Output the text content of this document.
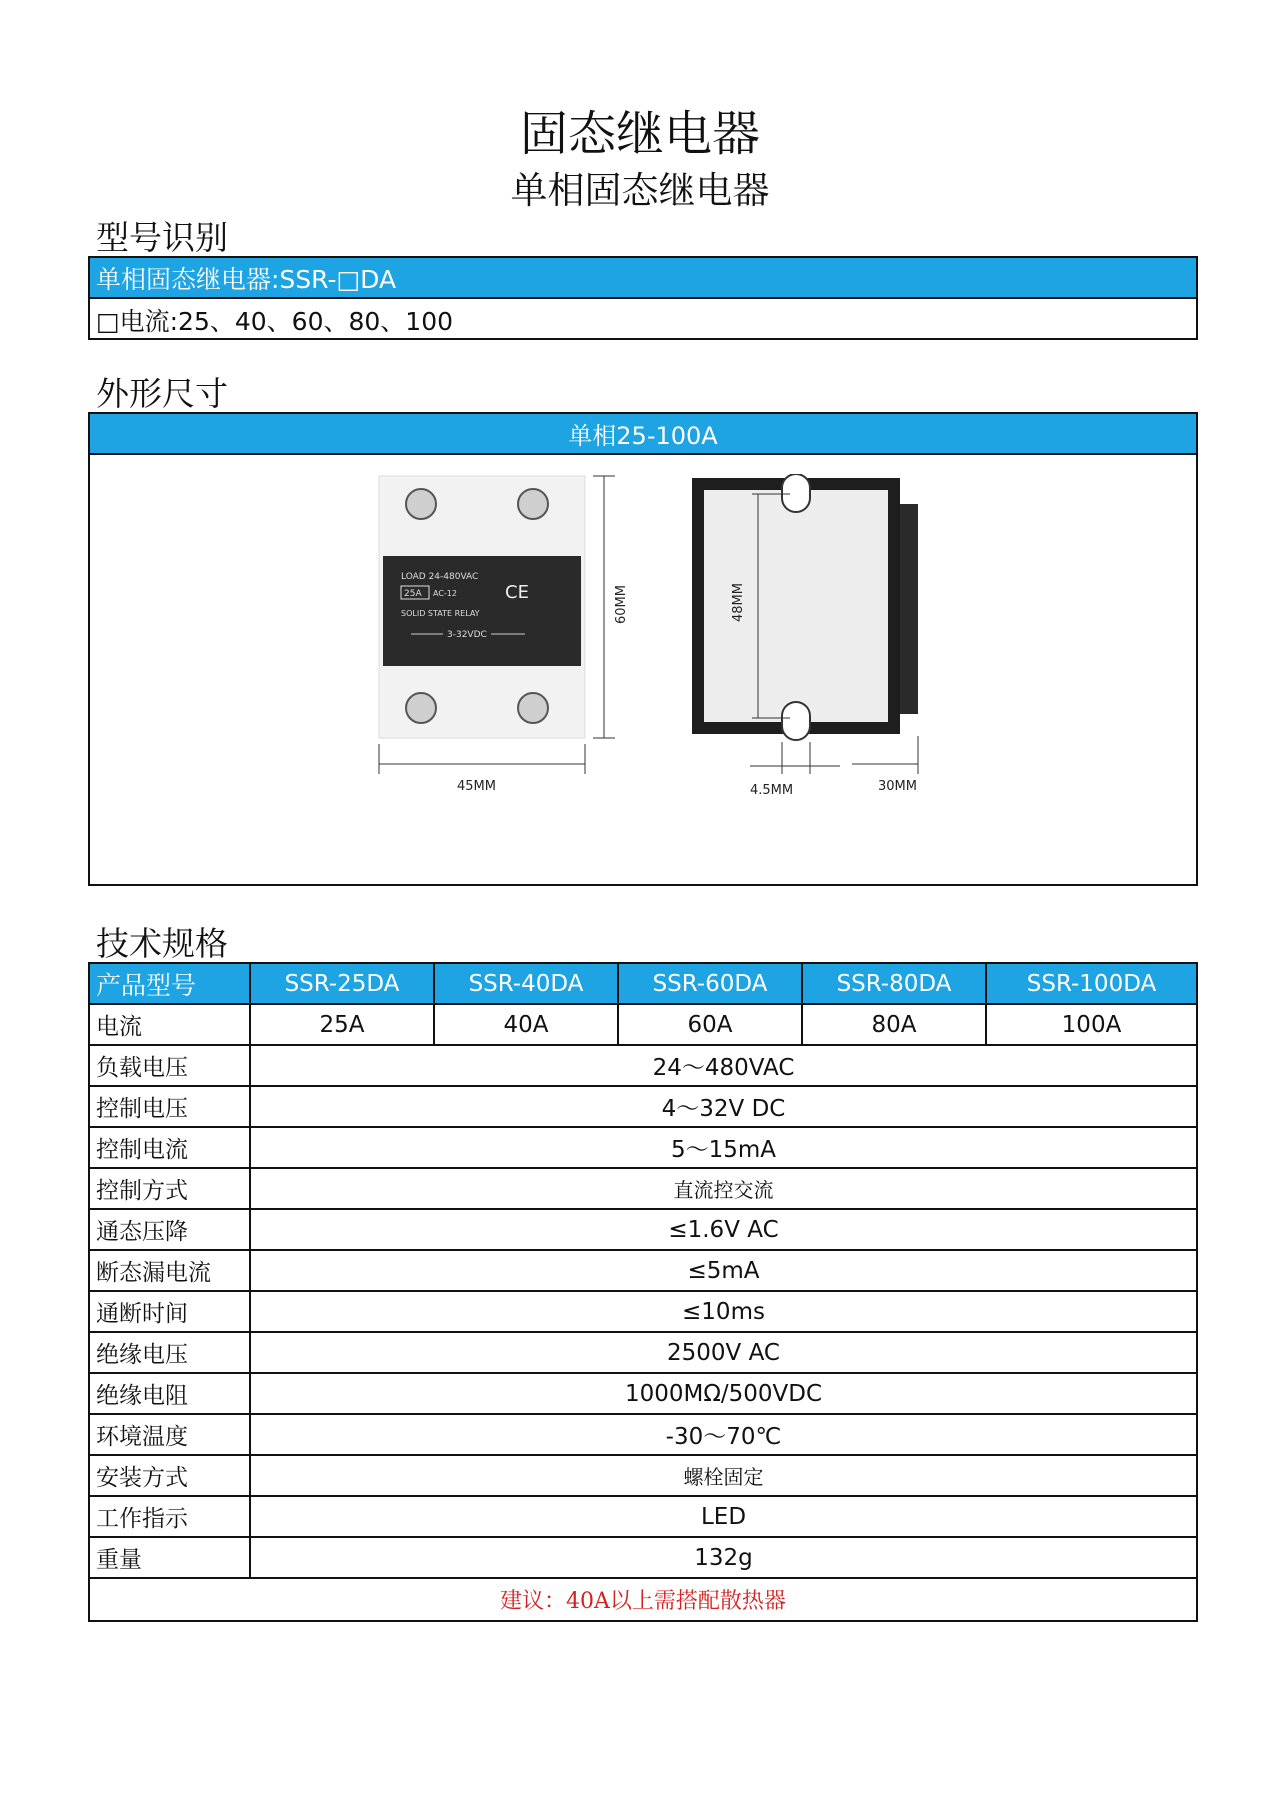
固态继电器
单相固态继电器
型号识别
单相固态继电器:SSR-□DA
□电流:25、40、60、80、100
外形尺寸
单相25-100A
LOAD 24-480VAC
25A AC-12	CE
SOLID STATE RELAY
3-32VDC
60MM
45MM
48MM
4.5MM	30MM
技术规格
产品型号	SSR-25DA	SSR-40DA	SSR-60DA	SSR-80DA	SSR-100DA
电流	25A	40A	60A	80A	100A
负载电压	24～480VAC
控制电压	4～32V DC
控制电流	5～15mA
控制方式	直流控交流
通态压降	≤1.6V AC
断态漏电流	≤5mA
通断时间	≤10ms
绝缘电压	2500V AC
绝缘电阻	1000MΩ/500VDC
环境温度	-30～70℃
安装方式	螺栓固定
工作指示	LED
重量	132g
建议：40A以上需搭配散热器
